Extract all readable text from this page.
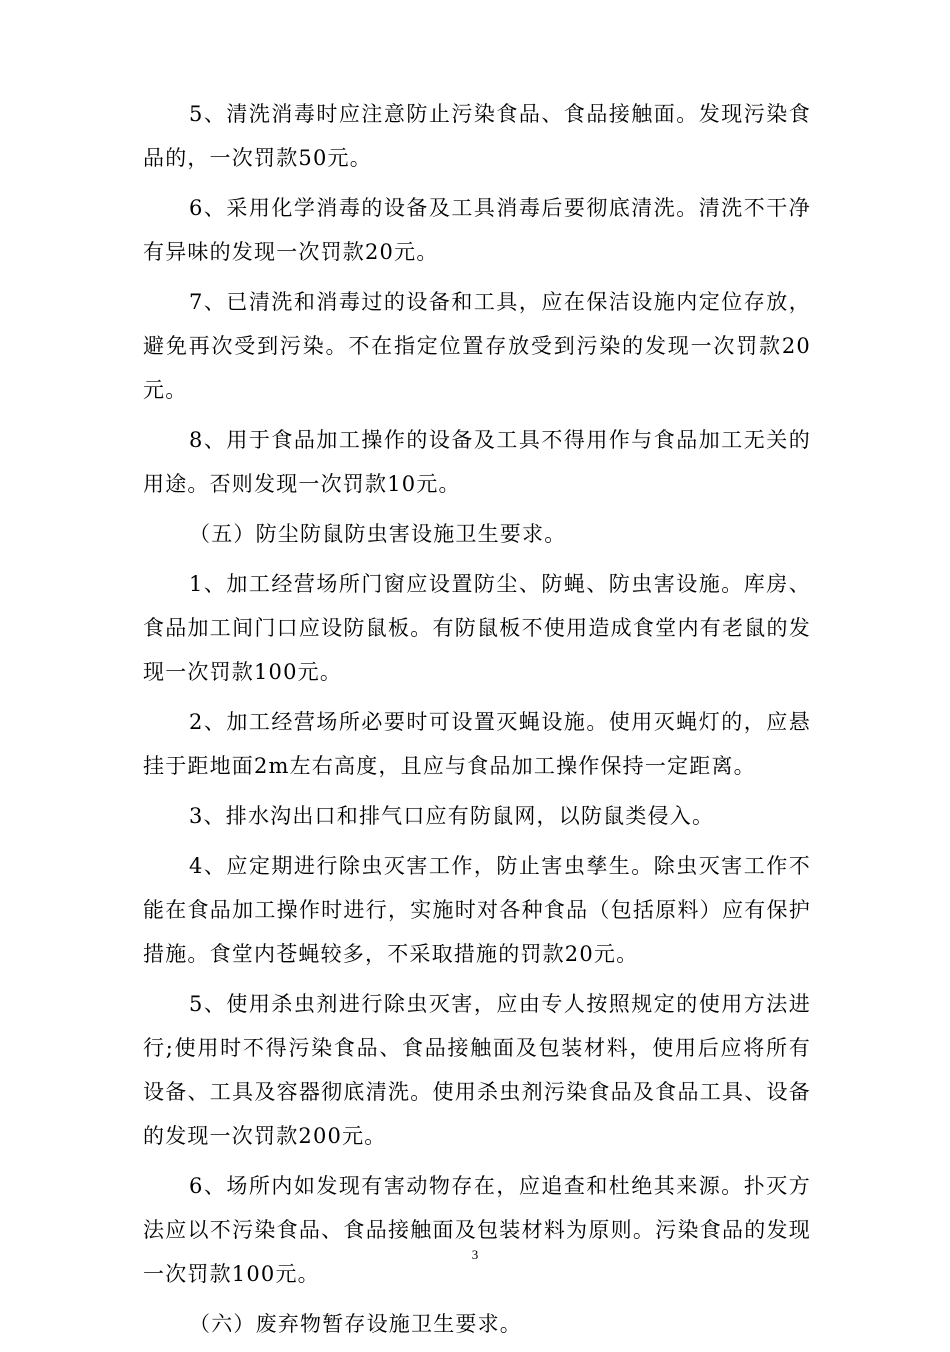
5、清洗消毒时应注意防止污染食品、食品接触面。发现污染食品的，一次罚款50元。

6、采用化学消毒的设备及工具消毒后要彻底清洗。清洗不干净有异味的发现一次罚款20元。

7、已清洗和消毒过的设备和工具，应在保洁设施内定位存放，避免再次受到污染。不在指定位置存放受到污染的发现一次罚款20元。

8、用于食品加工操作的设备及工具不得用作与食品加工无关的用途。否则发现一次罚款10元。

（五）防尘防鼠防虫害设施卫生要求。

1、加工经营场所门窗应设置防尘、防蝇、防虫害设施。库房、食品加工间门口应设防鼠板。有防鼠板不使用造成食堂内有老鼠的发现一次罚款100元。

2、加工经营场所必要时可设置灭蝇设施。使用灭蝇灯的，应悬挂于距地面2m左右高度，且应与食品加工操作保持一定距离。

3、排水沟出口和排气口应有防鼠网，以防鼠类侵入。

4、应定期进行除虫灭害工作，防止害虫孳生。除虫灭害工作不能在食品加工操作时进行，实施时对各种食品（包括原料）应有保护措施。食堂内苍蝇较多，不采取措施的罚款20元。

5、使用杀虫剂进行除虫灭害，应由专人按照规定的使用方法进行;使用时不得污染食品、食品接触面及包装材料，使用后应将所有设备、工具及容器彻底清洗。使用杀虫剂污染食品及食品工具、设备的发现一次罚款200元。

6、场所内如发现有害动物存在，应追查和杜绝其来源。扑灭方法应以不污染食品、食品接触面及包装材料为原则。污染食品的发现一次罚款100元。

（六）废弃物暂存设施卫生要求。

3
